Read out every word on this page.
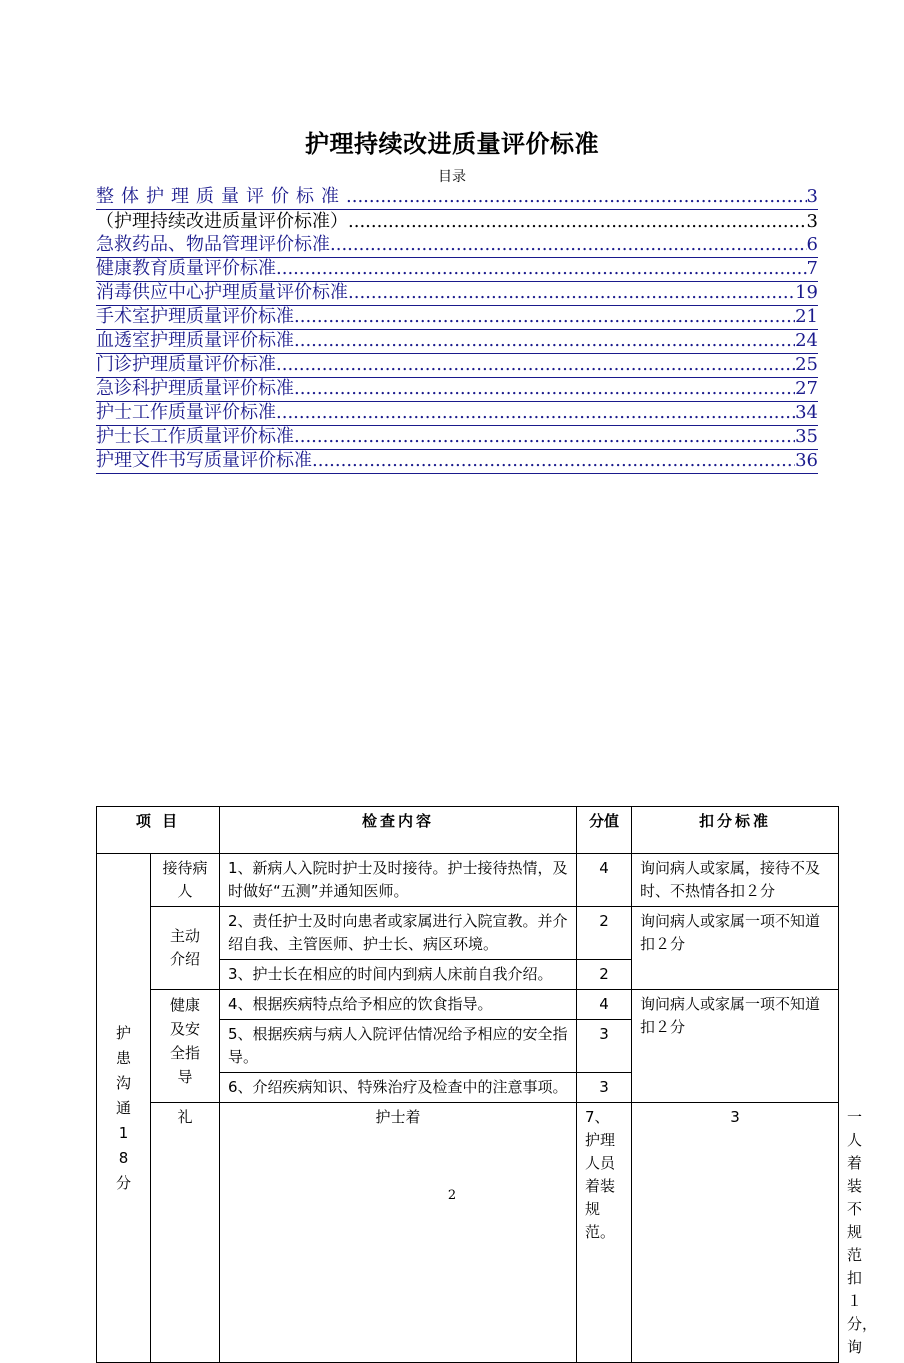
护理持续改进质量评价标准
目录
整体护理质量评价标准 .....	3
（护理持续改进质量评价标准） .....	3
急救药品、物品管理评价标准 .....	6
健康教育质量评价标准 .....	7
消毒供应中心护理质量评价标准 .....	19
手术室护理质量评价标准 .....	21
血透室护理质量评价标准 .....	24
门诊护理质量评价标准 .....	25
急诊科护理质量评价标准 .....	27
护士工作质量评价标准 .....	34
护士长工作质量评价标准 .....	35
护理文件书写质量评价标准 .....	36
项 目		检查内容	分值	扣分标准	

护患沟通18分	接待病人	1、新病人入院时护士及时接待。护士接待热情，及时做好“五测”并通知医师。	4	询问病人或家属，接待不及时、不热情各扣２分	

	主动介绍	2、责任护士及时向患者或家属进行入院宣教。并介绍自我、主管医师、护士长、病区环境。	2	询问病人或家属一项不知道扣２分	
		3、护士长在相应的时间内到病人床前自我介绍。	2		

	健康及安全指导	4、根据疾病特点给予相应的饮食指导。	4	询问病人或家属一项不知道扣２分	
		5、根据疾病与病人入院评估情况给予相应的安全指导。	3		
		6、介绍疾病知识、特殊治疗及检查中的注意事项。	3		
	礼	护士着	7、护理人员着装规范。	3	一人着装不规范扣１分，询
2
